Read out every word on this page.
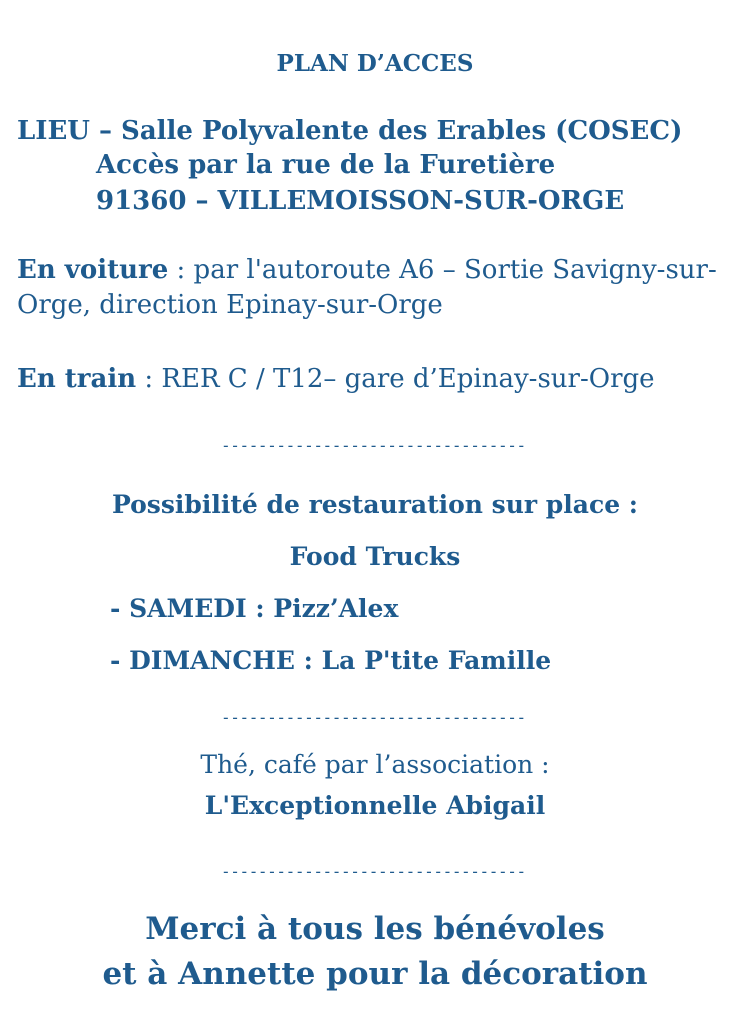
PLAN D’ACCES
LIEU – Salle Polyvalente des Erables (COSEC)
Accès par la rue de la Furetière
91360 – VILLEMOISSON-SUR-ORGE
En voiture : par l'autoroute A6 – Sortie Savigny-sur-
Orge, direction Epinay-sur-Orge
En train : RER C / T12– gare d’Epinay-sur-Orge
---------------------------------
Possibilité de restauration sur place :
Food Trucks
- SAMEDI : Pizz’Alex
- DIMANCHE : La P'tite Famille
---------------------------------
Thé, café par l’association :
L'Exceptionnelle Abigail
---------------------------------
Merci à tous les bénévoles
et à Annette pour la décoration
